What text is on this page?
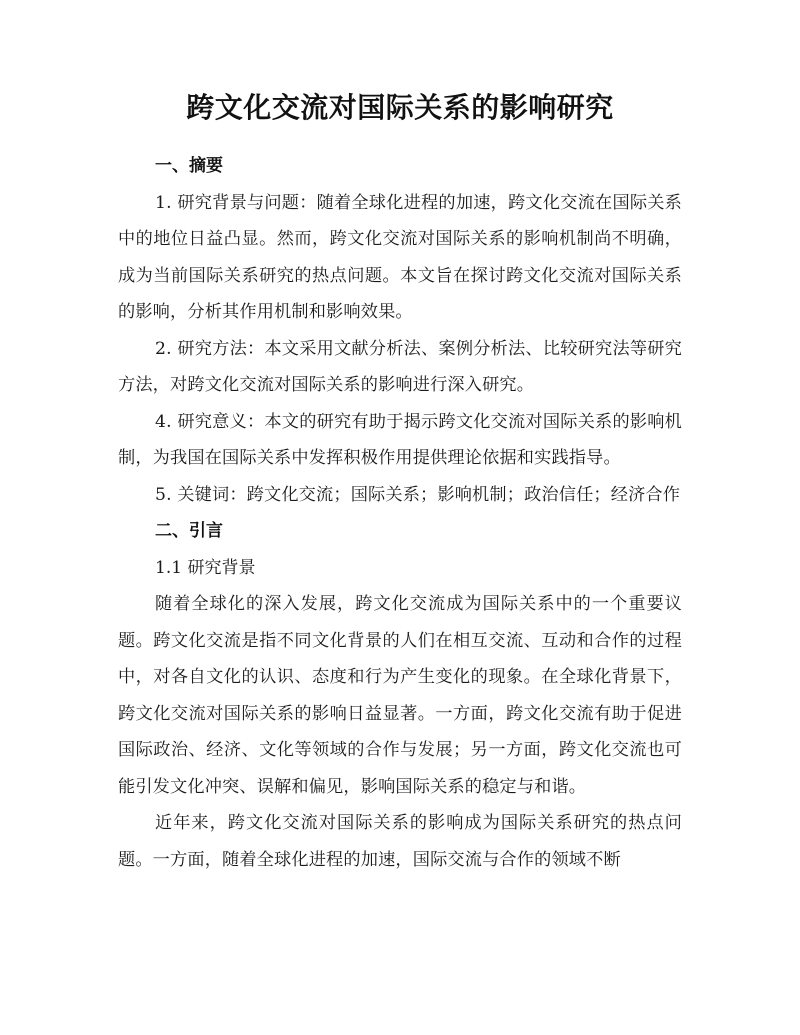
跨文化交流对国际关系的影响研究

一、摘要

1. 研究背景与问题：随着全球化进程的加速，跨文化交流在国际关系中的地位日益凸显。然而，跨文化交流对国际关系的影响机制尚不明确，成为当前国际关系研究的热点问题。本文旨在探讨跨文化交流对国际关系的影响，分析其作用机制和影响效果。

2. 研究方法：本文采用文献分析法、案例分析法、比较研究法等研究方法，对跨文化交流对国际关系的影响进行深入研究。

4. 研究意义：本文的研究有助于揭示跨文化交流对国际关系的影响机制，为我国在国际关系中发挥积极作用提供理论依据和实践指导。

5. 关键词：跨文化交流；国际关系；影响机制；政治信任；经济合作

二、引言

1.1 研究背景

随着全球化的深入发展，跨文化交流成为国际关系中的一个重要议题。跨文化交流是指不同文化背景的人们在相互交流、互动和合作的过程中，对各自文化的认识、态度和行为产生变化的现象。在全球化背景下，跨文化交流对国际关系的影响日益显著。一方面，跨文化交流有助于促进国际政治、经济、文化等领域的合作与发展；另一方面，跨文化交流也可能引发文化冲突、误解和偏见，影响国际关系的稳定与和谐。

近年来，跨文化交流对国际关系的影响成为国际关系研究的热点问题。一方面，随着全球化进程的加速，国际交流与合作的领域不断
